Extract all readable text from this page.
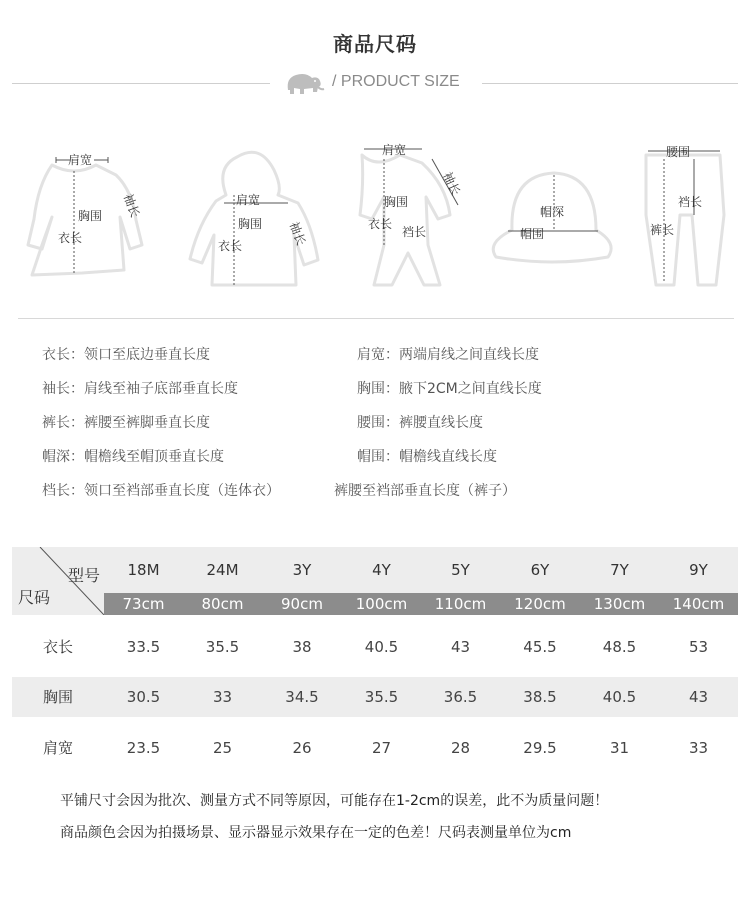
商品尺码
/ PRODUCT SIZE
肩宽
胸围
衣长
袖长	肩宽
胸围
衣长	袖长
肩宽
胸围
衣长
裆长
袖长
帽深
帽围
腰围
裆长
裤长
衣长：领口至底边垂直长度	肩宽：两端肩线之间直线长度
袖长：肩线至袖子底部垂直长度	胸围：腋下2CM之间直线长度
裤长：裤腰至裤脚垂直长度	腰围：裤腰直线长度
帽深：帽檐线至帽顶垂直长度	帽围：帽檐线直线长度
档长：领口至裆部垂直长度（连体衣）	裤腰至裆部垂直长度（裤子）
型号
尺码
18M	24M	3Y	4Y	5Y	6Y	7Y	9Y
73cm	80cm	90cm	100cm	110cm	120cm	130cm	140cm
衣长	33.5	35.5	38	40.5	43	45.5	48.5	53
胸围	30.5	33	34.5	35.5	36.5	38.5	40.5	43
肩宽	23.5	25	26	27	28	29.5	31	33
平铺尺寸会因为批次、测量方式不同等原因，可能存在1-2cm的误差，此不为质量问题！
商品颜色会因为拍摄场景、显示器显示效果存在一定的色差！尺码表测量单位为cm
